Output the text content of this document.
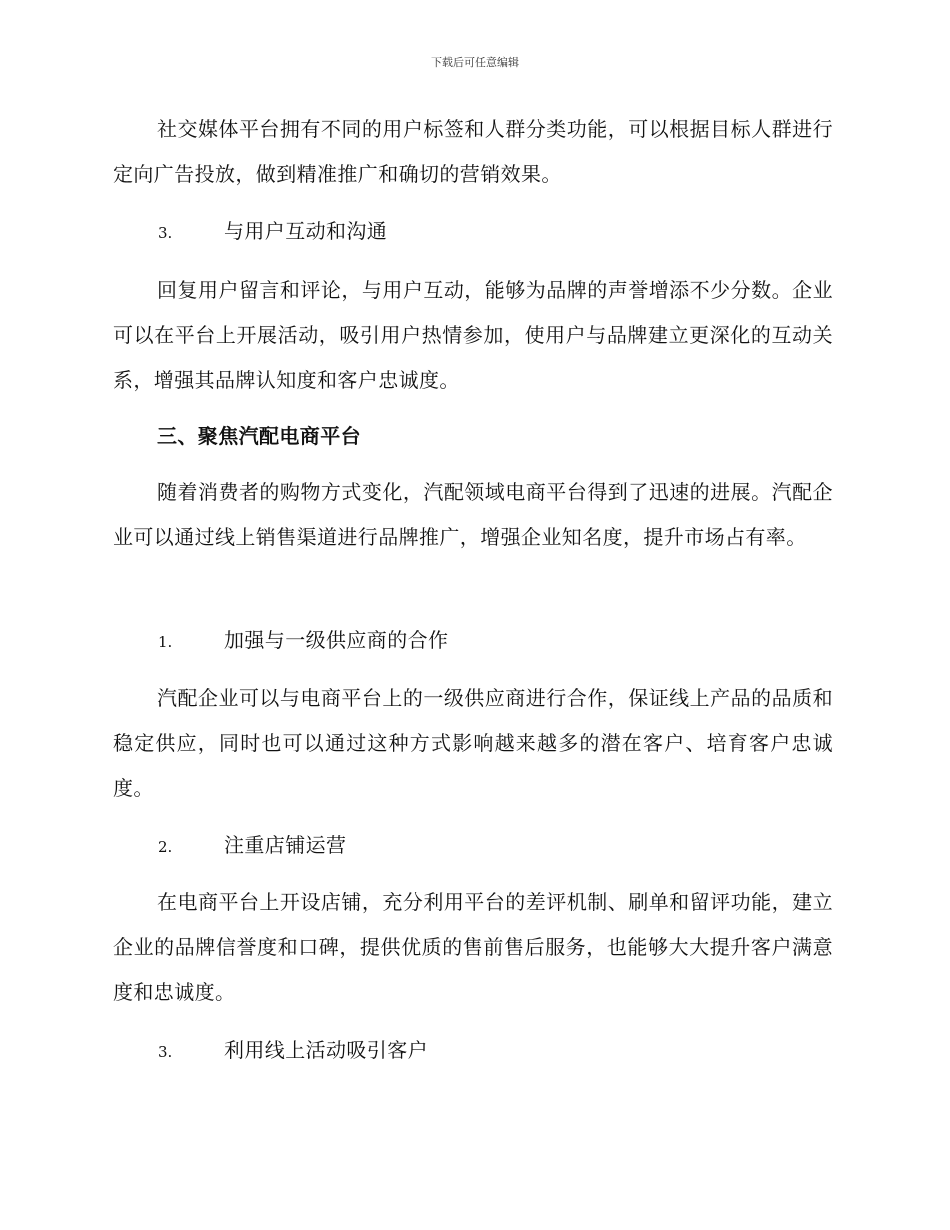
下载后可任意编辑

社交媒体平台拥有不同的用户标签和人群分类功能，可以根据目标人群进行定向广告投放，做到精准推广和确切的营销效果。

3.	与用户互动和沟通

回复用户留言和评论，与用户互动，能够为品牌的声誉增添不少分数。企业可以在平台上开展活动，吸引用户热情参加，使用户与品牌建立更深化的互动关系，增强其品牌认知度和客户忠诚度。

三、聚焦汽配电商平台

随着消费者的购物方式变化，汽配领域电商平台得到了迅速的进展。汽配企业可以通过线上销售渠道进行品牌推广，增强企业知名度，提升市场占有率。

1.	加强与一级供应商的合作

汽配企业可以与电商平台上的一级供应商进行合作，保证线上产品的品质和稳定供应，同时也可以通过这种方式影响越来越多的潜在客户、培育客户忠诚度。

2.	注重店铺运营

在电商平台上开设店铺，充分利用平台的差评机制、刷单和留评功能，建立企业的品牌信誉度和口碑，提供优质的售前售后服务，也能够大大提升客户满意度和忠诚度。

3.	利用线上活动吸引客户
